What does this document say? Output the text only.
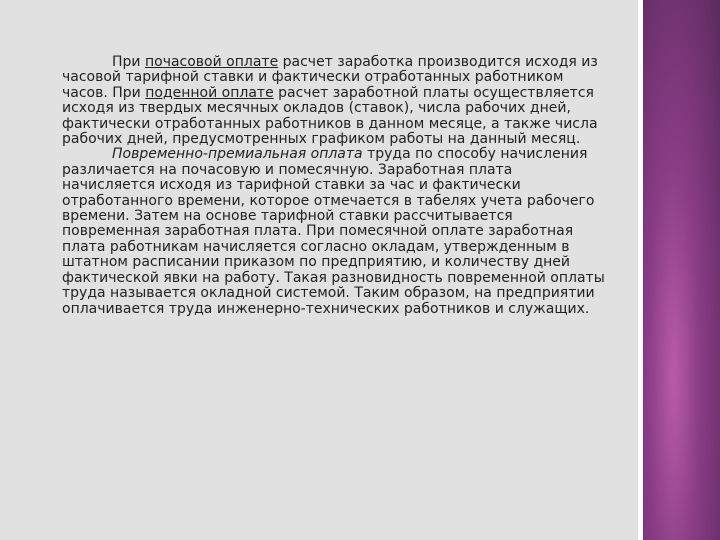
При почасовой оплате расчет заработка производится исходя из часовой тарифной ставки и фактически отработанных работником часов. При поденной оплате расчет заработной платы осуществляется исходя из твердых месячных окладов (ставок), числа рабочих дней, фактически отработанных работников в данном месяце, а также числа рабочих дней, предусмотренных графиком работы на данный месяц.

Повременно-премиальная оплата труда по способу начисления различается на почасовую и помесячную. Заработная плата начисляется исходя из тарифной ставки за час и фактически отработанного времени, которое отмечается в табелях учета рабочего времени. Затем на основе тарифной ставки рассчитывается повременная заработная плата. При помесячной оплате заработная плата работникам начисляется согласно окладам, утвержденным в штатном расписании приказом по предприятию, и количеству дней фактической явки на работу. Такая разновидность повременной оплаты труда называется окладной системой. Таким образом, на предприятии оплачивается труда инженерно-технических работников и служащих.
